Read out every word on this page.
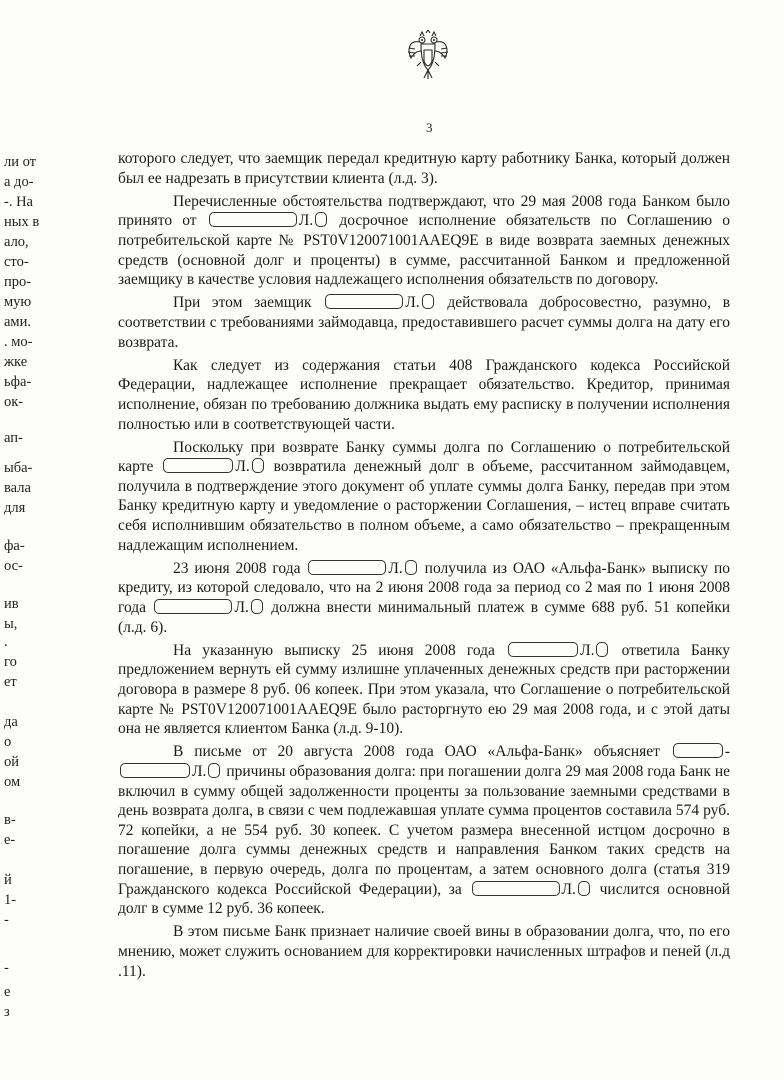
3
ли от
а до-
-. На
ных в
алo,
сто-
про-
мую
ами.
. мо-
жке
ьфа-
ок-
ап-
ыба-
вала
для
фа-
ос-
ив
ы,
.
го
ет
да
о
ой
ом
в-
е-
й
1-
-
-
е
з

которого следует, что заемщик передал кредитную карту работнику Банка, который должен был ее надрезать в присутствии клиента (л.д. 3).

Перечисленные обстоятельства подтверждают, что 29 мая 2008 года Банком было принято от	Л. досрочное исполнение обязательств по Соглашению о потребительской карте № PST0V120071001AAEQ9E в виде возврата заемных денежных средств (основной долг и проценты) в сумме, рассчитанной Банком и предложенной заемщику в качестве условия надлежащего исполнения обязательств по договору.

При этом заемщик	Л. действовала добросовестно, разумно, в соответствии с требованиями займодавца, предоставившего расчет суммы долга на дату его возврата.

Как следует из содержания статьи 408 Гражданского кодекса Российской Федерации, надлежащее исполнение прекращает обязательство. Кредитор, принимая исполнение, обязан по требованию должника выдать ему расписку в получении исполнения полностью или в соответствующей части.

Поскольку при возврате Банку суммы долга по Соглашению о потребительской карте	Л. возвратила денежный долг в объеме, рассчитанном займодавцем, получила в подтверждение этого документ об уплате суммы долга Банку, передав при этом Банку кредитную карту и уведомление о расторжении Соглашения, – истец вправе считать себя исполнившим обязательство в полном объеме, а само обязательство – прекращенным надлежащим исполнением.

23 июня 2008 года	Л. получила из ОАО «Альфа-Банк» выписку по кредиту, из которой следовало, что на 2 июня 2008 года за период со 2 мая по 1 июня 2008 года	Л. должна внести минимальный платеж в сумме 688 руб. 51 копейки (л.д. 6).

На указанную выписку 25 июня 2008 года	Л. ответила Банку предложением вернуть ей сумму излишне уплаченных денежных средств при расторжении договора в размере 8 руб. 06 копеек. При этом указала, что Соглашение о потребительской карте № PST0V120071001AAEQ9E было расторгнуто ею 29 мая 2008 года, и с этой даты она не является клиентом Банка (л.д. 9-10).

В письме от 20 августа 2008 года ОАО «Альфа-Банк» объясняет	- Л. причины образования долга: при погашении долга 29 мая 2008 года Банк не включил в сумму общей задолженности проценты за пользование заемными средствами в день возврата долга, в связи с чем подлежавшая уплате сумма процентов составила 574 руб. 72 копейки, а не 554 руб. 30 копеек. С учетом размера внесенной истцом досрочно в погашение долга суммы денежных средств и направления Банком таких средств на погашение, в первую очередь, долга по процентам, а затем основного долга (статья 319 Гражданского кодекса Российской Федерации), за	Л. числится основной долг в сумме 12 руб. 36 копеек.

В этом письме Банк признает наличие своей вины в образовании долга, что, по его мнению, может служить основанием для корректировки начисленных штрафов и пеней (л.д .11).
